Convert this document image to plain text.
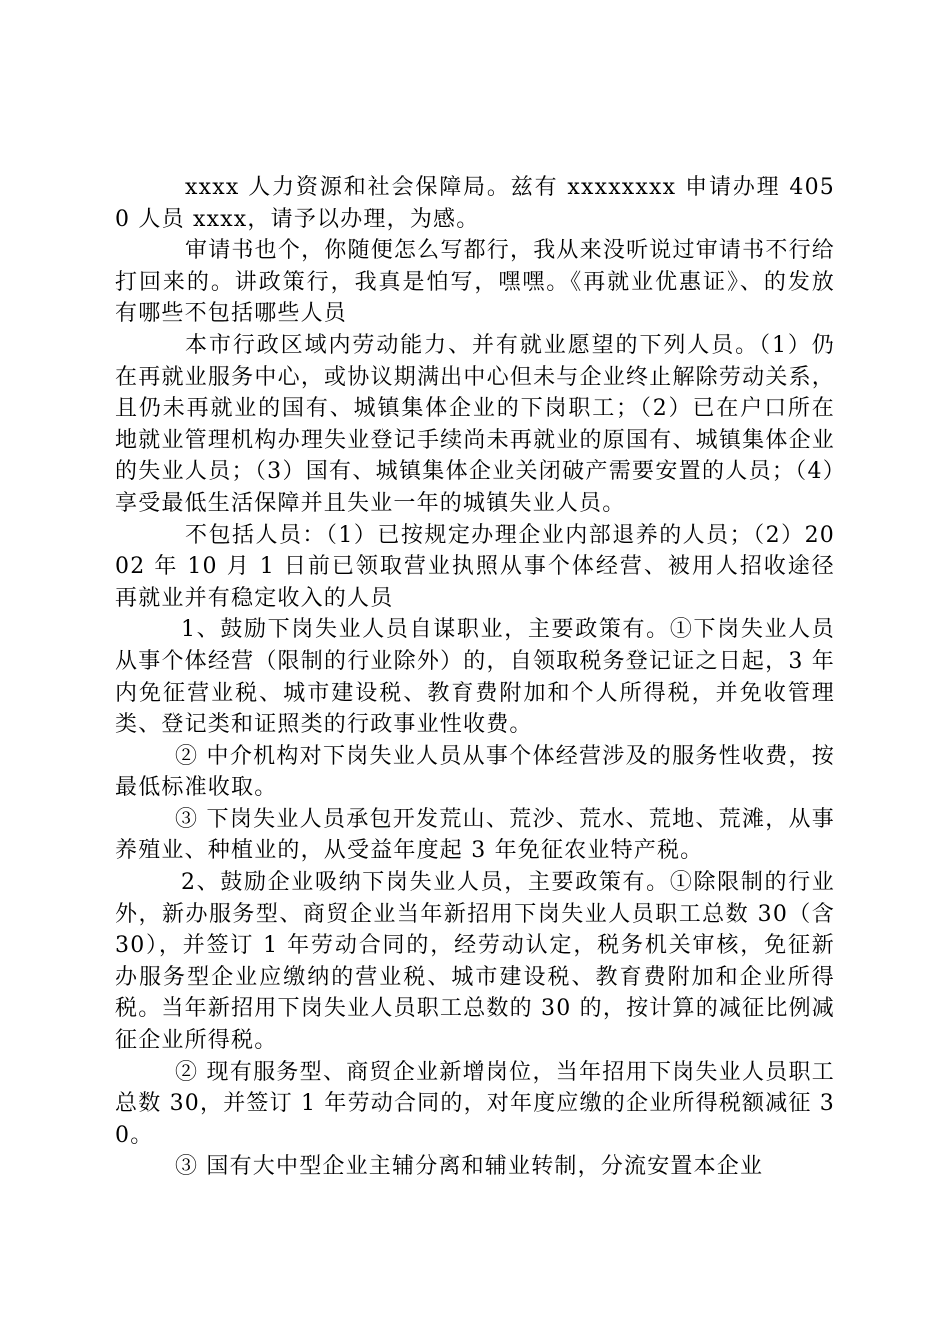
xxxx 人力资源和社会保障局。兹有 xxxxxxxx 申请办理 4050 人员 xxxx，请予以办理，为感。

审请书也个，你随便怎么写都行，我从来没听说过审请书不行给打回来的。讲政策行，我真是怕写，嘿嘿。《再就业优惠证》、的发放有哪些不包括哪些人员

本市行政区域内劳动能力、并有就业愿望的下列人员。（1）仍在再就业服务中心，或协议期满出中心但未与企业终止解除劳动关系，且仍未再就业的国有、城镇集体企业的下岗职工；（2）已在户口所在地就业管理机构办理失业登记手续尚未再就业的原国有、城镇集体企业的失业人员；（3）国有、城镇集体企业关闭破产需要安置的人员；（4）享受最低生活保障并且失业一年的城镇失业人员。

不包括人员：（1）已按规定办理企业内部退养的人员；（2）2002 年 10 月 1 日前已领取营业执照从事个体经营、被用人招收途径再就业并有稳定收入的人员

1、鼓励下岗失业人员自谋职业，主要政策有。①下岗失业人员从事个体经营（限制的行业除外）的，自领取税务登记证之日起，3 年内免征营业税、城市建设税、教育费附加和个人所得税，并免收管理类、登记类和证照类的行政事业性收费。

② 中介机构对下岗失业人员从事个体经营涉及的服务性收费，按最低标准收取。

③ 下岗失业人员承包开发荒山、荒沙、荒水、荒地、荒滩，从事养殖业、种植业的，从受益年度起 3 年免征农业特产税。

2、鼓励企业吸纳下岗失业人员，主要政策有。①除限制的行业外，新办服务型、商贸企业当年新招用下岗失业人员职工总数 30（含 30），并签订 1 年劳动合同的，经劳动认定，税务机关审核，免征新办服务型企业应缴纳的营业税、城市建设税、教育费附加和企业所得税。当年新招用下岗失业人员职工总数的 30 的，按计算的减征比例减征企业所得税。

② 现有服务型、商贸企业新增岗位，当年招用下岗失业人员职工总数 30，并签订 1 年劳动合同的，对年度应缴的企业所得税额减征 30。

③ 国有大中型企业主辅分离和辅业转制，分流安置本企业
